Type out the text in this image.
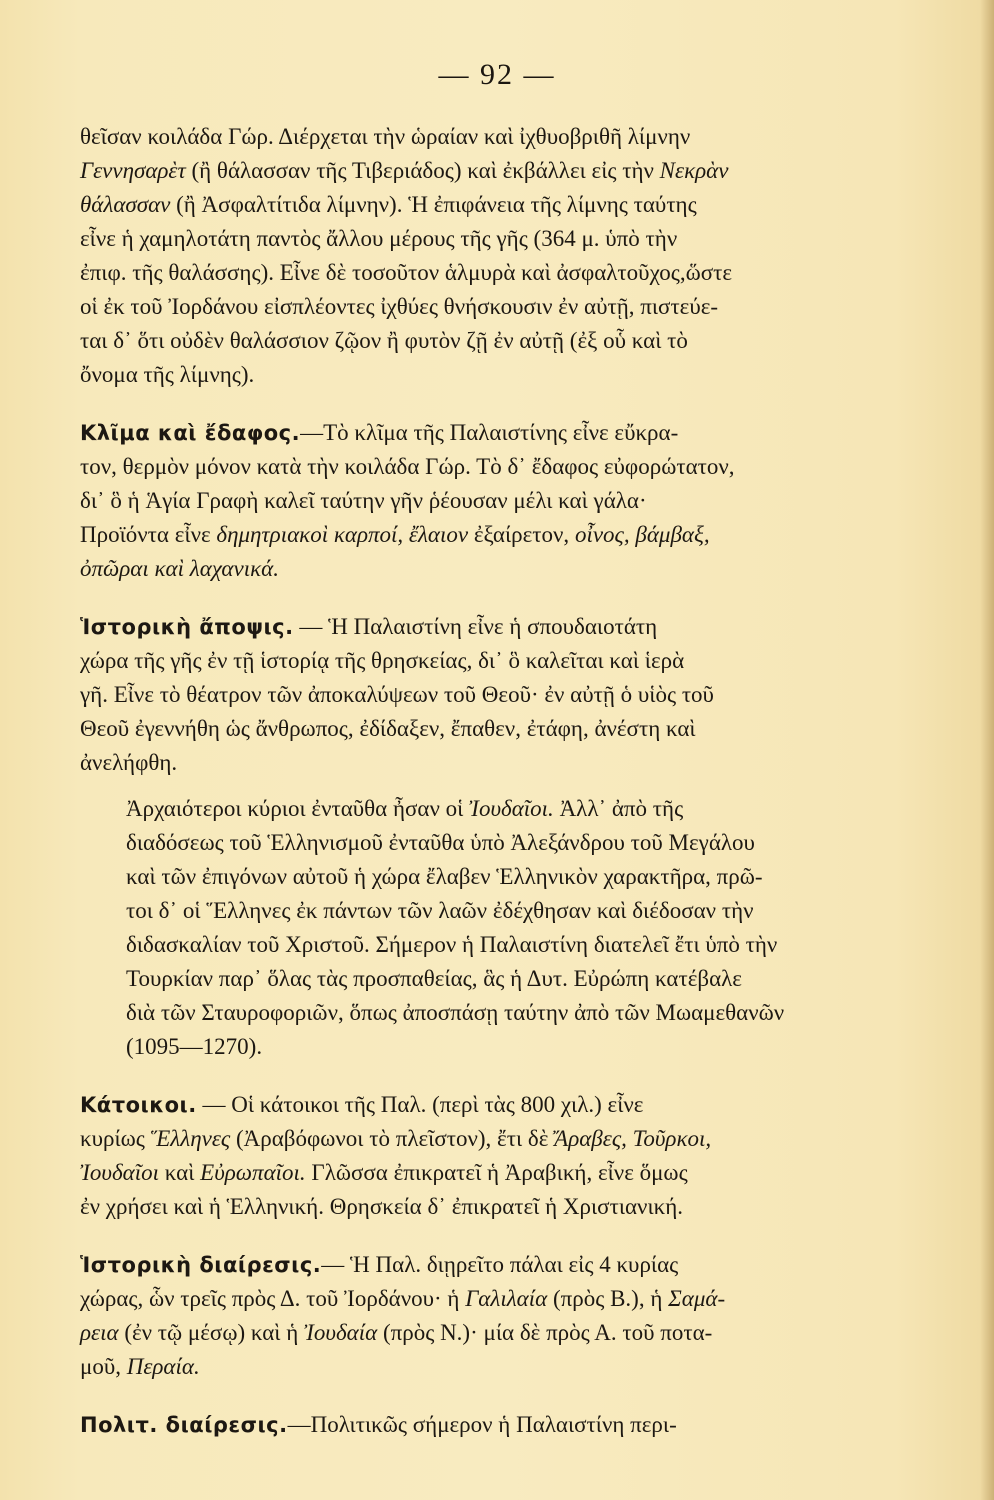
— 92 —
θεῖσαν κοιλάδα Γώρ. Διέρχεται τὴν ὡραίαν καὶ ἰχθυοβριθῆ λίμνην
Γεννησαρὲτ (ἢ θάλασσαν τῆς Τιβεριάδος) καὶ ἐκβάλλει εἰς τὴν Νεκρὰν
θάλασσαν (ἢ Ἀσφαλτίτιδα λίμνην). Ἡ ἐπιφάνεια τῆς λίμνης ταύτης
εἶνε ἡ χαμηλοτάτη παντὸς ἄλλου μέρους τῆς γῆς (364 μ. ὑπὸ τὴν
ἐπιφ. τῆς θαλάσσης). Εἶνε δὲ τοσοῦτον ἁλμυρὰ καὶ ἀσφαλτοῦχος,ὥστε
οἱ ἐκ τοῦ Ἰορδάνου εἰσπλέοντες ἰχθύες θνήσκουσιν ἐν αὐτῇ, πιστεύε-
ται δ᾽ ὅτι οὐδὲν θαλάσσιον ζῷον ἢ φυτὸν ζῇ ἐν αὐτῇ (ἐξ οὗ καὶ τὸ
ὄνομα τῆς λίμνης).
Κλῖμα καὶ ἔδαφος.—Τὸ κλῖμα τῆς Παλαιστίνης εἶνε εὔκρα-
τον, θερμὸν μόνον κατὰ τὴν κοιλάδα Γώρ. Τὸ δ᾽ ἔδαφος εὐφορώτατον,
δι᾽ ὃ ἡ Ἁγία Γραφὴ καλεῖ ταύτην γῆν ῥέουσαν μέλι καὶ γάλα·
Προϊόντα εἶνε δημητριακοὶ καρποί, ἔλαιον ἐξαίρετον, οἶνος, βάμβαξ,
ὀπῶραι καὶ λαχανικά.
Ἱστορικὴ ἄποψις. — Ἡ Παλαιστίνη εἶνε ἡ σπουδαιοτάτη
χώρα τῆς γῆς ἐν τῇ ἱστορίᾳ τῆς θρησκείας, δι᾽ ὃ καλεῖται καὶ ἱερὰ
γῆ. Εἶνε τὸ θέατρον τῶν ἀποκαλύψεων τοῦ Θεοῦ· ἐν αὐτῇ ὁ υἱὸς τοῦ
Θεοῦ ἐγεννήθη ὡς ἄνθρωπος, ἐδίδαξεν, ἔπαθεν, ἐτάφη, ἀνέστη καὶ
ἀνελήφθη.
Ἀρχαιότεροι κύριοι ἐνταῦθα ἦσαν οἱ Ἰουδαῖοι. Ἀλλ᾽ ἀπὸ τῆς
διαδόσεως τοῦ Ἑλληνισμοῦ ἐνταῦθα ὑπὸ Ἀλεξάνδρου τοῦ Μεγάλου
καὶ τῶν ἐπιγόνων αὐτοῦ ἡ χώρα ἔλαβεν Ἑλληνικὸν χαρακτῆρα, πρῶ-
τοι δ᾽ οἱ Ἕλληνες ἐκ πάντων τῶν λαῶν ἐδέχθησαν καὶ διέδοσαν τὴν
διδασκαλίαν τοῦ Χριστοῦ. Σήμερον ἡ Παλαιστίνη διατελεῖ ἔτι ὑπὸ τὴν
Τουρκίαν παρ᾽ ὅλας τὰς προσπαθείας, ἃς ἡ Δυτ. Εὐρώπη κατέβαλε
διὰ τῶν Σταυροφοριῶν, ὅπως ἀποσπάσῃ ταύτην ἀπὸ τῶν Μωαμεθανῶν
(1095—1270).
Κάτοικοι. — Οἱ κάτοικοι τῆς Παλ. (περὶ τὰς 800 χιλ.) εἶνε
κυρίως Ἕλληνες (Ἀραβόφωνοι τὸ πλεῖστον), ἔτι δὲ Ἄραβες, Τοῦρκοι,
Ἰουδαῖοι καὶ Εὐρωπαῖοι. Γλῶσσα ἐπικρατεῖ ἡ Ἀραβική, εἶνε ὅμως
ἐν χρήσει καὶ ἡ Ἑλληνική. Θρησκεία δ᾽ ἐπικρατεῖ ἡ Χριστιανική.
Ἱστορικὴ διαίρεσις.— Ἡ Παλ. διῃρεῖτο πάλαι εἰς 4 κυρίας
χώρας, ὧν τρεῖς πρὸς Δ. τοῦ Ἰορδάνου· ἡ Γαλιλαία (πρὸς Β.), ἡ Σαμά-
ρεια (ἐν τῷ μέσῳ) καὶ ἡ Ἰουδαία (πρὸς Ν.)· μία δὲ πρὸς Α. τοῦ ποτα-
μοῦ, Περαία.
Πολιτ. διαίρεσις.—Πολιτικῶς σήμερον ἡ Παλαιστίνη περι-
